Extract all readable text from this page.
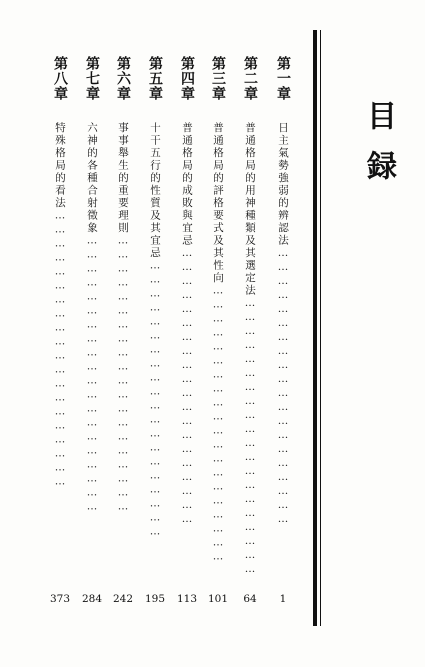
目録
第一章
日主氣勢強弱的辨認法……………………………………………………
1
第二章
普通格局的用神種類及其選定法……………………………………………………
64
第三章
普通格局的評格要式及其性向……………………………………………………
101
第四章
普通格局的成敗與宜忌……………………………………………………
113
第五章
十干五行的性質及其宜忌……………………………………………………
195
第六章
事事舉生的重要理則……………………………………………………
242
第七章
六神的各種合射徵象……………………………………………………
284
第八章
特殊格局的看法……………………………………………………
373
